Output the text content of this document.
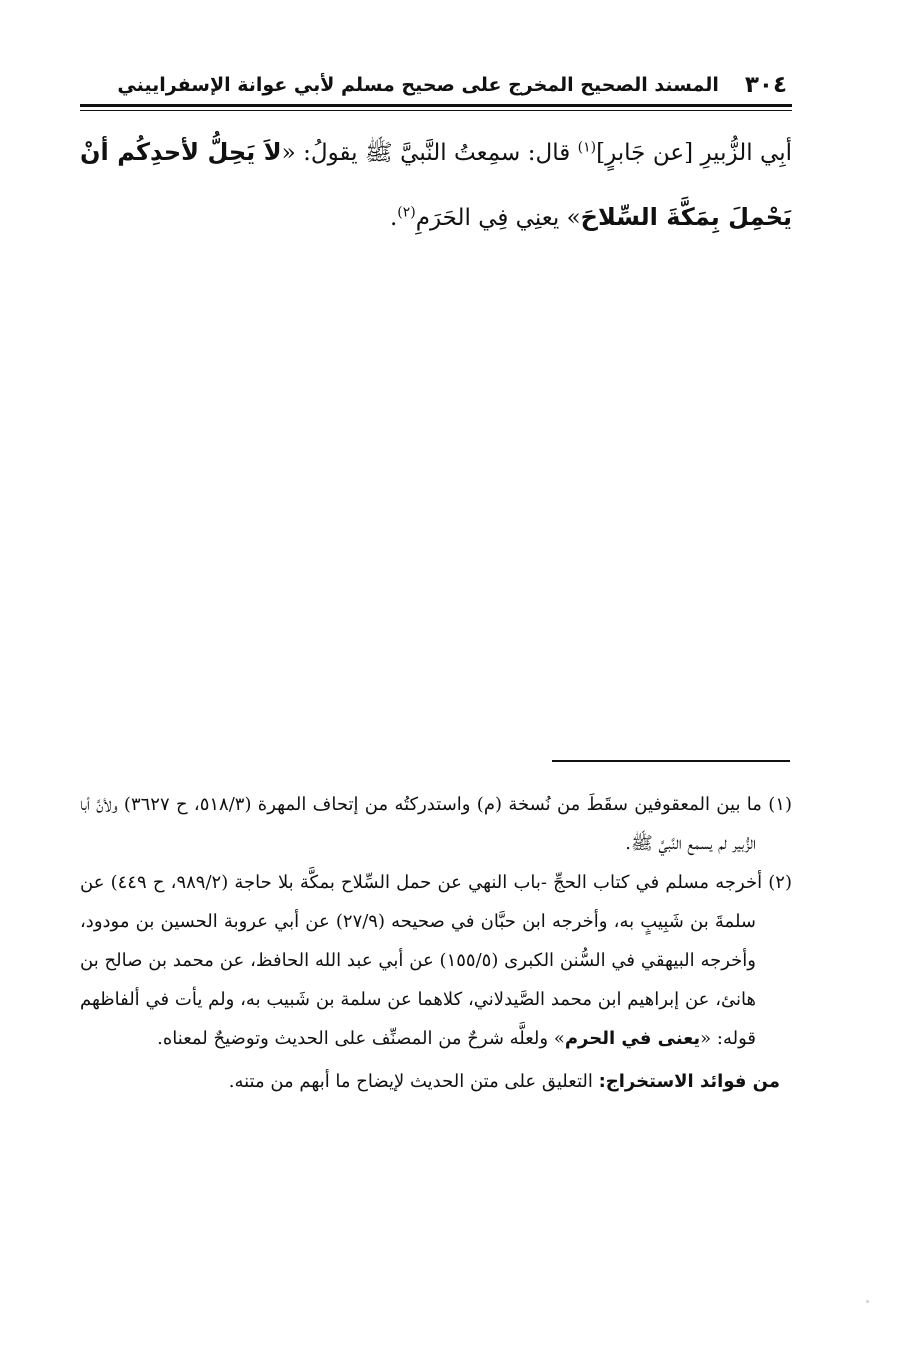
٣٠٤
المسند الصحيح المخرج على صحيح مسلم لأبي عوانة الإسفراييني
أبِي الزُّبيرِ [عن جَابرٍ]$^{(١)}$ قال: سمِعتُ النَّبيَّ ﷺ يقولُ: «لاَ يَحِلُّ لأحدِكُم أنْ يَحْمِلَ بِمَكَّةَ السِّلاحَ» يعنِي فِي الحَرَمِ$^{(٢)}$.

(١) ما بين المعقوفين سقَطَ من نُسخة (م) واستدركتُه من إتحاف المهرة (٥١٨/٣، ح ٣٦٢٧) ولأنَّ أبا الزُّبير لم يسمع النَّبيَّ ﷺ.

(٢) أخرجه مسلم في كتاب الحجِّ -باب النهي عن حمل السِّلاح بمكَّة بلا حاجة (٩٨٩/٢، ح ٤٤٩) عن سلمةَ بن شَبِيبٍ به، وأخرجه ابن حبَّان في صحيحه (٢٧/٩) عن أبي عروبة الحسين بن مودود، وأخرجه البيهقي في السُّنن الكبرى (١٥٥/٥) عن أبي عبد الله الحافظ، عن محمد بن صالح بن هانئ، عن إبراهيم ابن محمد الصَّيدلاني، كلاهما عن سلمة بن شَبيب به، ولم يأت في ألفاظهم قوله: «يعنى في الحرم» ولعلَّه شرحٌ من المصنِّف على الحديث وتوضيحٌ لمعناه.

من فوائد الاستخراج: التعليق على متن الحديث لإيضاح ما أبهم من متنه.
